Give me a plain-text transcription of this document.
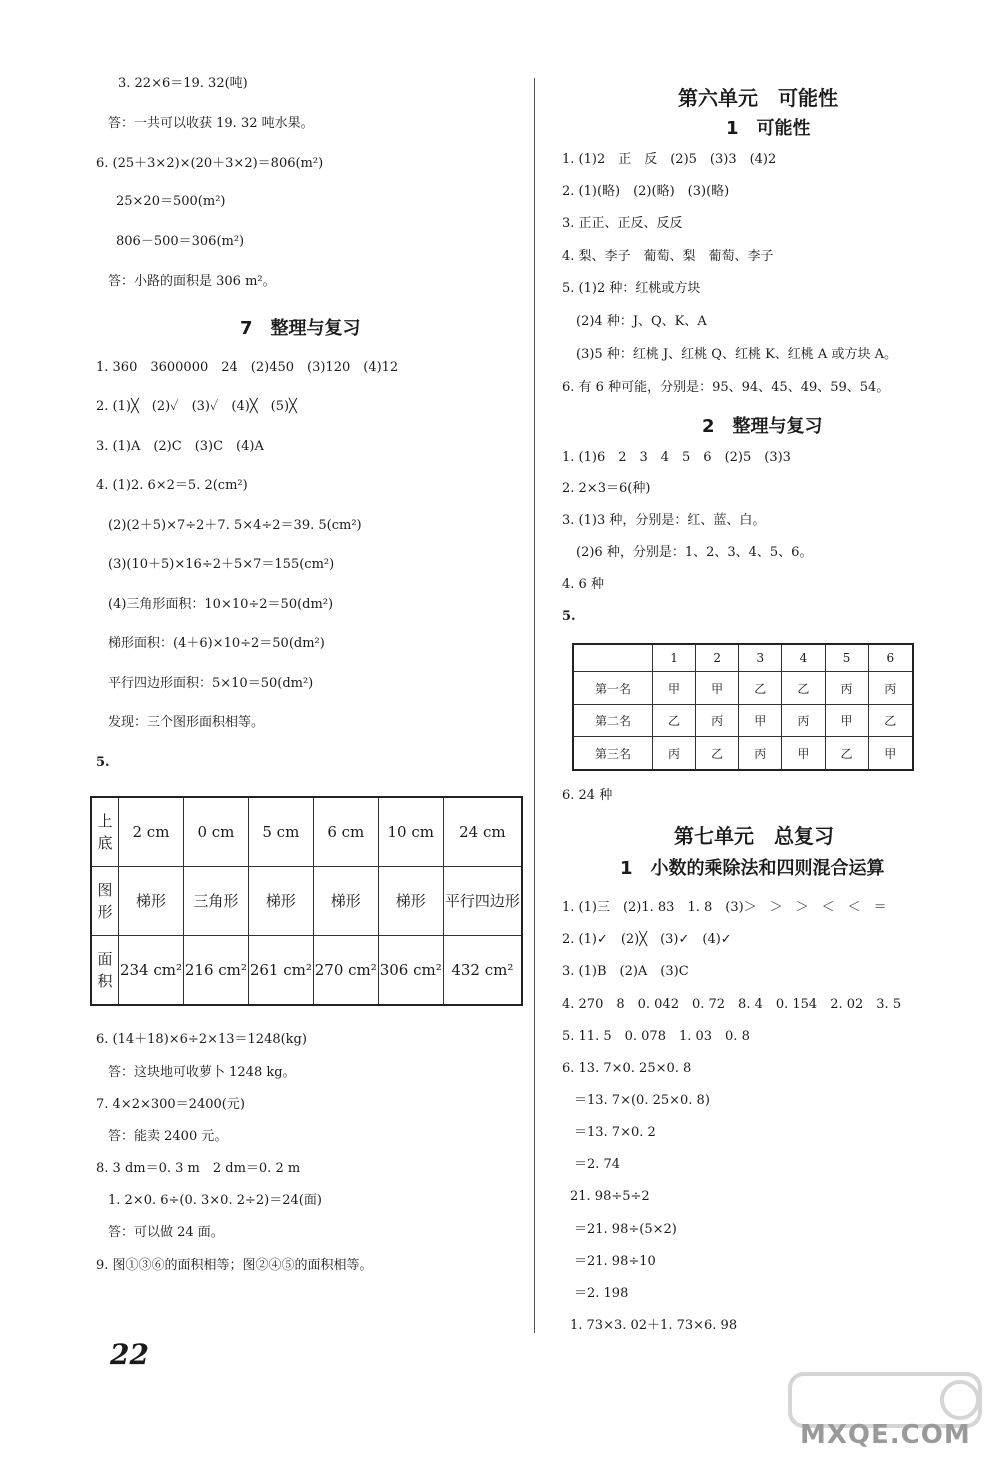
3. 22×6＝19. 32(吨)
答：一共可以收获 19. 32 吨水果。
6. (25＋3×2)×(20＋3×2)＝806(m²)
25×20＝500(m²)
806－500＝306(m²)
答：小路的面积是 306 m²。
7　整理与复习
1. 360　3600000　24　(2)450　(3)120　(4)12
2. (1)╳　(2)✓　(3)✓　(4)╳　(5)╳
3. (1)A　(2)C　(3)C　(4)A
4. (1)2. 6×2＝5. 2(cm²)
(2)(2＋5)×7÷2＋7. 5×4÷2＝39. 5(cm²)
(3)(10＋5)×16÷2＋5×7＝155(cm²)
(4)三角形面积：10×10÷2＝50(dm²)
梯形面积：(4＋6)×10÷2＝50(dm²)
平行四边形面积：5×10＝50(dm²)
发现：三个图形面积相等。
5.
上底	2 cm	0 cm	5 cm	6 cm	10 cm	24 cm
图形	梯形	三角形	梯形	梯形	梯形	平行四边形
面积	234 cm²	216 cm²	261 cm²	270 cm²	306 cm²	432 cm²
6. (14＋18)×6÷2×13＝1248(kg)
答：这块地可收萝卜 1248 kg。
7. 4×2×300＝2400(元)
答：能卖 2400 元。
8. 3 dm＝0. 3 m　2 dm＝0. 2 m
1. 2×0. 6÷(0. 3×0. 2÷2)＝24(面)
答：可以做 24 面。
9. 图①③⑥的面积相等；图②④⑤的面积相等。
22
第六单元　可能性
1　可能性
1. (1)2　正　反　(2)5　(3)3　(4)2
2. (1)(略)　(2)(略)　(3)(略)
3. 正正、正反、反反
4. 梨、李子　葡萄、梨　葡萄、李子
5. (1)2 种：红桃或方块
(2)4 种：J、Q、K、A
(3)5 种：红桃 J、红桃 Q、红桃 K、红桃 A 或方块 A。
6. 有 6 种可能，分别是：95、94、45、49、59、54。
2　整理与复习
1. (1)6　2　3　4　5　6　(2)5　(3)3
2. 2×3＝6(种)
3. (1)3 种，分别是：红、蓝、白。
(2)6 种，分别是：1、2、3、4、5、6。
4. 6 种
5.
6. 24 种
第七单元　总复习
1　小数的乘除法和四则混合运算
1. (1)三　(2)1. 83　1. 8　(3)＞　＞　＞　＜　＜　＝
2. (1)✓　(2)╳　(3)✓　(4)✓
3. (1)B　(2)A　(3)C
4. 270　8　0. 042　0. 72　8. 4　0. 154　2. 02　3. 5
5. 11. 5　0. 078　1. 03　0. 8
6. 13. 7×0. 25×0. 8
＝13. 7×(0. 25×0. 8)
＝13. 7×0. 2
＝2. 74
21. 98÷5÷2
＝21. 98÷(5×2)
＝21. 98÷10
＝2. 198
1. 73×3. 02＋1. 73×6. 98
	1	2	3	4	5	6
第一名	甲	甲	乙	乙	丙	丙
第二名	乙	丙	甲	丙	甲	乙
第三名	丙	乙	丙	甲	乙	甲
MXQE.COM
